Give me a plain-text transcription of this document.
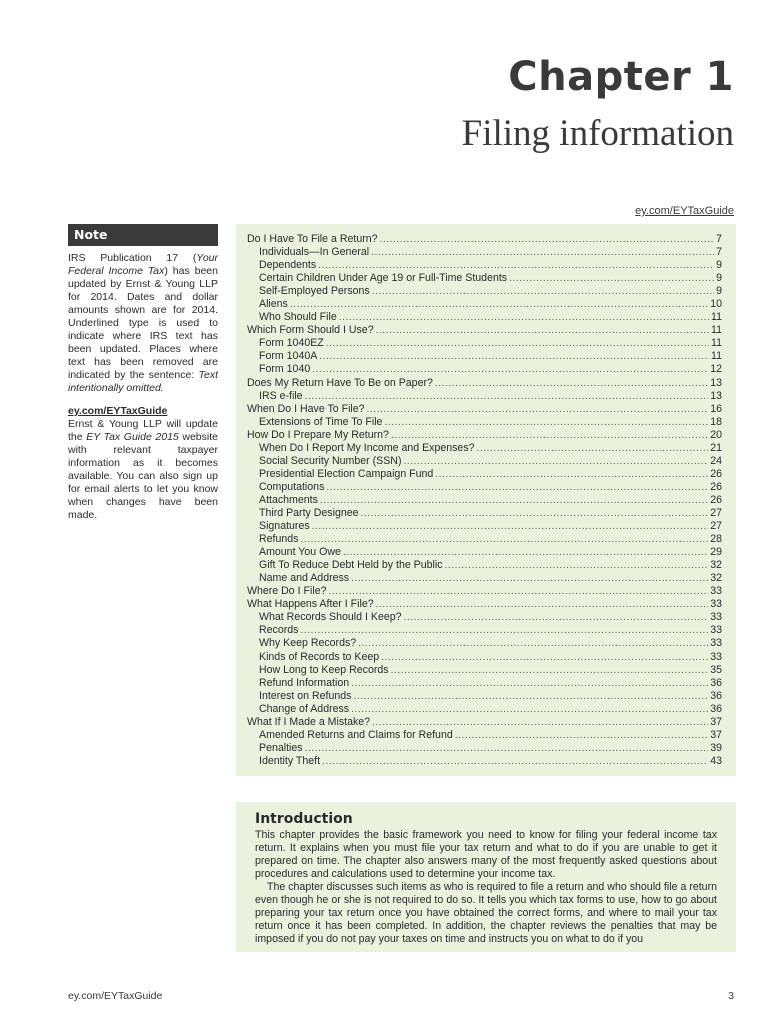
Chapter 1
Filing information
ey.com/EYTaxGuide
Note
IRS Publication 17 (Your Federal Income Tax) has been updated by Ernst & Young LLP for 2014. Dates and dollar amounts shown are for 2014. Underlined type is used to indicate where IRS text has been updated. Places where text has been removed are indicated by the sentence: Text intentionally omitted.
ey.com/EYTaxGuide
Ernst & Young LLP will update the EY Tax Guide 2015 website with relevant taxpayer information as it becomes available. You can also sign up for email alerts to let you know when changes have been made.
Do I Have To File a Return? .....	7
Individuals—In General .....	7
Dependents .....	9
Certain Children Under Age 19 or Full-Time Students .....	9
Self-Employed Persons .....	9
Aliens .....	10
Who Should File .....	11
Which Form Should I Use? .....	11
Form 1040EZ .....	11
Form 1040A .....	11
Form 1040 .....	12
Does My Return Have To Be on Paper? .....	13
IRS e-file .....	13
When Do I Have To File? .....	16
Extensions of Time To File .....	18
How Do I Prepare My Return? .....	20
When Do I Report My Income and Expenses? .....	21
Social Security Number (SSN) .....	24
Presidential Election Campaign Fund .....	26
Computations .....	26
Attachments .....	26
Third Party Designee .....	27
Signatures .....	27
Refunds .....	28
Amount You Owe .....	29
Gift To Reduce Debt Held by the Public .....	32
Name and Address .....	32
Where Do I File? .....	33
What Happens After I File? .....	33
What Records Should I Keep? .....	33
Records .....	33
Why Keep Records? .....	33
Kinds of Records to Keep .....	33
How Long to Keep Records .....	35
Refund Information .....	36
Interest on Refunds .....	36
Change of Address .....	36
What If I Made a Mistake? .....	37
Amended Returns and Claims for Refund .....	37
Penalties .....	39
Identity Theft .....	43
Introduction

This chapter provides the basic framework you need to know for filing your federal income tax return. It explains when you must file your tax return and what to do if you are unable to get it prepared on time. The chapter also answers many of the most frequently asked questions about procedures and calculations used to determine your income tax.

The chapter discusses such items as who is required to file a return and who should file a return even though he or she is not required to do so. It tells you which tax forms to use, how to go about preparing your tax return once you have obtained the correct forms, and where to mail your tax return once it has been completed. In addition, the chapter reviews the penalties that may be imposed if you do not pay your taxes on time and instructs you on what to do if you

ey.com/EYTaxGuide	3
